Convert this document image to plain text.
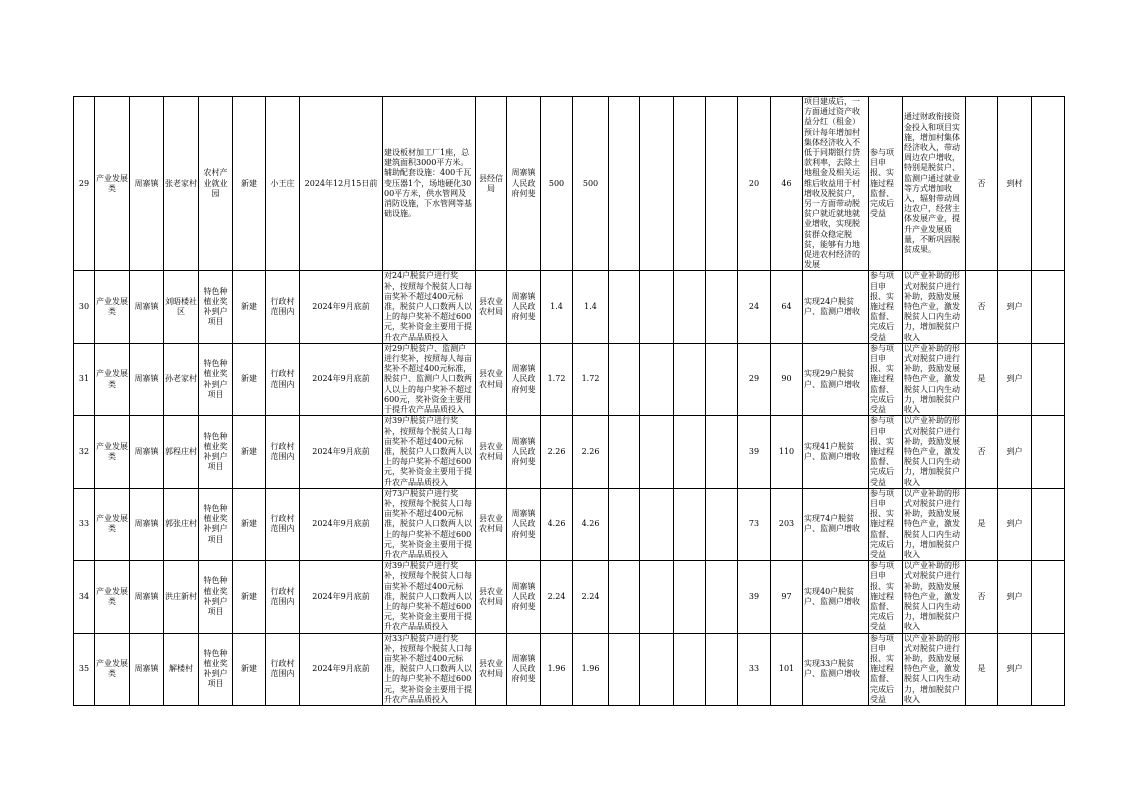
29	产业发展类	周寨镇	张老家村	农村产业就业园	新建	小王庄	2024年12月15日前	建设板材加工厂1座，总建筑面积3000平方米。辅助配套设施：400千瓦变压器1个，场地硬化3000平方米，供水管网及消防设施，下水管网等基础设施。	县经信局	周寨镇人民政府何斐	500	500					20	46	项目建成后，一方面通过资产收益分红（租金）预计每年增加村集体经济收入不低于同期银行贷款利率，去除土地租金及相关运维后收益用于村增收及脱贫户，另一方面带动脱贫户就近就地就业增收，实现脱贫群众稳定脱贫，能够有力地促进农村经济的发展	参与项目申报、实施过程监督、完成后受益	通过财政衔接资金投入和项目实施，增加村集体经济收入，带动周边农户增收，特别是脱贫户、监测户通过就业等方式增加收入，辐射带动周边农户，经营主体发展产业，提升产业发展质量，不断巩固脱贫成果。	否	到村	
30	产业发展类	周寨镇	刘晤楼社区	特色种植业奖补到户项目	新建	行政村范围内	2024年9月底前	对24户脱贫户进行奖补，按照每个脱贫人口每亩奖补不超过400元标准，脱贫户人口数两人以上的每户奖补不超过600元，奖补资金主要用于提升农产品品质投入	县农业农村局	周寨镇人民政府何斐	1.4	1.4					24	64	实现24户脱贫户、监测户增收	参与项目申报、实施过程监督、完成后受益	以产业补助的形式对脱贫户进行补助，鼓励发展特色产业，激发脱贫人口内生动力，增加脱贫户收入	否	到户	
31	产业发展类	周寨镇	孙老家村	特色种植业奖补到户项目	新建	行政村范围内	2024年9月底前	对29户脱贫户、监测户进行奖补，按照每人每亩奖补不超过400元标准，脱贫户、监测户人口数两人以上的每户奖补不超过600元，奖补资金主要用于提升农产品品质投入	县农业农村局	周寨镇人民政府何斐	1.72	1.72					29	90	实现29户脱贫户、监测户增收	参与项目申报、实施过程监督、完成后受益	以产业补助的形式对脱贫户进行补助，鼓励发展特色产业，激发脱贫人口内生动力，增加脱贫户收入	是	到户	
32	产业发展类	周寨镇	郭程庄村	特色种植业奖补到户项目	新建	行政村范围内	2024年9月底前	对39户脱贫户进行奖补，按照每个脱贫人口每亩奖补不超过400元标准，脱贫户人口数两人以上的每户奖补不超过600元，奖补资金主要用于提升农产品品质投入	县农业农村局	周寨镇人民政府何斐	2.26	2.26					39	110	实现41户脱贫户、监测户增收	参与项目申报、实施过程监督、完成后受益	以产业补助的形式对脱贫户进行补助，鼓励发展特色产业，激发脱贫人口内生动力，增加脱贫户收入	否	到户	
33	产业发展类	周寨镇	郭张庄村	特色种植业奖补到户项目	新建	行政村范围内	2024年9月底前	对73户脱贫户进行奖补，按照每个脱贫人口每亩奖补不超过400元标准，脱贫户人口数两人以上的每户奖补不超过600元，奖补资金主要用于提升农产品品质投入	县农业农村局	周寨镇人民政府何斐	4.26	4.26					73	203	实现74户脱贫户、监测户增收	参与项目申报、实施过程监督、完成后受益	以产业补助的形式对脱贫户进行补助，鼓励发展特色产业，激发脱贫人口内生动力，增加脱贫户收入	是	到户	
34	产业发展类	周寨镇	洪庄新村	特色种植业奖补到户项目	新建	行政村范围内	2024年9月底前	对39户脱贫户进行奖补，按照每个脱贫人口每亩奖补不超过400元标准，脱贫户人口数两人以上的每户奖补不超过600元，奖补资金主要用于提升农产品品质投入	县农业农村局	周寨镇人民政府何斐	2.24	2.24					39	97	实现40户脱贫户、监测户增收	参与项目申报、实施过程监督、完成后受益	以产业补助的形式对脱贫户进行补助，鼓励发展特色产业，激发脱贫人口内生动力，增加脱贫户收入	否	到户	
35	产业发展类	周寨镇	解楼村	特色种植业奖补到户项目	新建	行政村范围内	2024年9月底前	对33户脱贫户进行奖补，按照每个脱贫人口每亩奖补不超过400元标准，脱贫户人口数两人以上的每户奖补不超过600元，奖补资金主要用于提升农产品品质投入	县农业农村局	周寨镇人民政府何斐	1.96	1.96					33	101	实现33户脱贫户、监测户增收	参与项目申报、实施过程监督、完成后受益	以产业补助的形式对脱贫户进行补助，鼓励发展特色产业，激发脱贫人口内生动力，增加脱贫户收入	是	到户	
